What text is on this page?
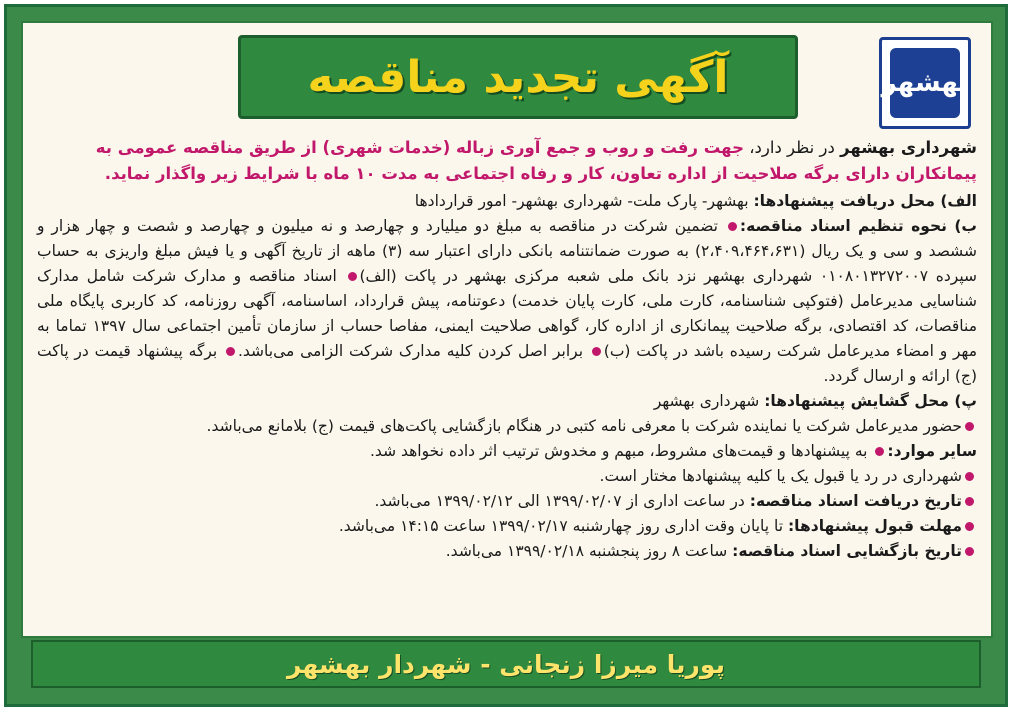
بهشهر
آگهی تجدید مناقصه

شهرداری بهشهر در نظر دارد، جهت رفت و روب و جمع آوری زباله (خدمات شهری) از طریق مناقصه عمومی به پیمانکاران دارای برگه صلاحیت از اداره تعاون، کار و رفاه اجتماعی به مدت ۱۰ ماه با شرایط زیر واگذار نماید.

الف) محل دریافت پیشنهادها: بهشهر- پارک ملت- شهرداری بهشهر- امور قراردادها

ب) نحوه تنظیم اسناد مناقصه: تضمین شرکت در مناقصه به مبلغ دو میلیارد و چهارصد و نه میلیون و چهارصد و شصت و چهار هزار و ششصد و سی و یک ریال (۲،۴۰۹،۴۶۴،۶۳۱) به صورت ضمانتنامه بانکی دارای اعتبار سه (۳) ماهه از تاریخ آگهی و یا فیش مبلغ واریزی به حساب سپرده ۰۱۰۸۰۱۳۲۷۲۰۰۷ شهرداری بهشهر نزد بانک ملی شعبه مرکزی بهشهر در پاکت (الف) اسناد مناقصه و مدارک شرکت شامل مدارک شناسایی مدیرعامل (فتوکپی شناسنامه، کارت ملی، کارت پایان خدمت) دعوتنامه، پیش قرارداد، اساسنامه، آگهی روزنامه، کد کاربری پایگاه ملی مناقصات، کد اقتصادی، برگه صلاحیت پیمانکاری از اداره کار، گواهی صلاحیت ایمنی، مفاصا حساب از سازمان تأمین اجتماعی سال ۱۳۹۷ تماما به مهر و امضاء مدیرعامل شرکت رسیده باشد در پاکت (ب) برابر اصل کردن کلیه مدارک شرکت الزامی می‌باشد. برگه پیشنهاد قیمت در پاکت (ج) ارائه و ارسال گردد.

پ) محل گشایش پیشنهادها: شهرداری بهشهر

حضور مدیرعامل شرکت یا نماینده شرکت با معرفی نامه کتبی در هنگام بازگشایی پاکت‌های قیمت (ج) بلامانع می‌باشد.

سایر موارد: به پیشنهادها و قیمت‌های مشروط، مبهم و مخدوش ترتیب اثر داده نخواهد شد.

شهرداری در رد یا قبول یک یا کلیه پیشنهادها مختار است.

تاریخ دریافت اسناد مناقصه: در ساعت اداری از ۱۳۹۹/۰۲/۰۷ الی ۱۳۹۹/۰۲/۱۲ می‌باشد.

مهلت قبول پیشنهادها: تا پایان وقت اداری روز چهارشنبه ۱۳۹۹/۰۲/۱۷ ساعت ۱۴:۱۵ می‌باشد.

تاریخ بازگشایی اسناد مناقصه: ساعت ۸ روز پنجشنبه ۱۳۹۹/۰۲/۱۸ می‌باشد.

پوریا میرزا زنجانی - شهردار بهشهر
